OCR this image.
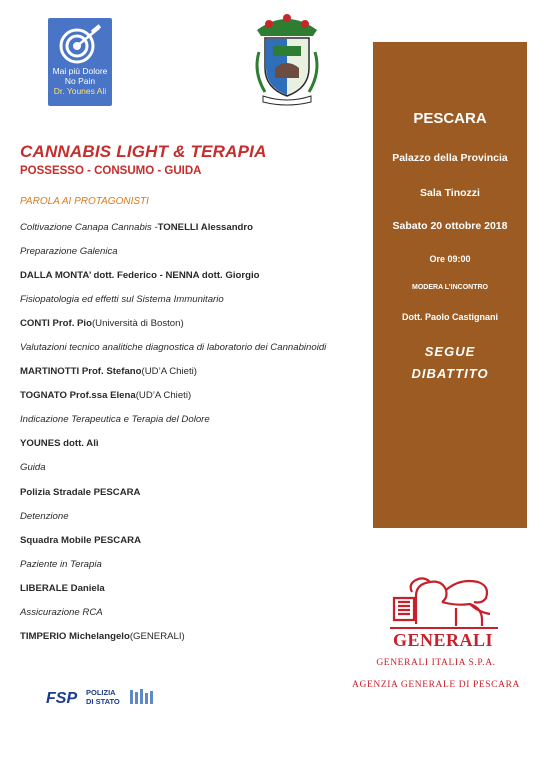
Mai più Dolore
No Pain
Dr. Younes Ali
CANNABIS LIGHT & TERAPIA
POSSESSO - CONSUMO - GUIDA
PAROLA AI PROTAGONISTI
Coltivazione Canapa Cannabis - TONELLI Alessandro
Preparazione Galenica
DALLA MONTA’ dott. Federico - NENNA dott. Giorgio
Fisiopatologia ed effetti sul Sistema Immunitario
CONTI Prof. Pio (Università di Boston)
Valutazioni tecnico analitiche diagnostica di laboratorio dei Cannabinoidi
MARTINOTTI Prof. Stefano (UD’A Chieti)
TOGNATO Prof.ssa Elena (UD’A Chieti)
Indicazione Terapeutica e Terapia del Dolore
YOUNES dott. Alì
Guida
Polizia Stradale PESCARA
Detenzione
Squadra Mobile PESCARA
Paziente in Terapia
LIBERALE Daniela
Assicurazione RCA
TIMPERIO Michelangelo (GENERALI)
PESCARA
Palazzo della Provincia
Sala Tinozzi
Sabato 20 ottobre 2018
Ore 09:00
MODERA L’INCONTRO
Dott. Paolo Castignani
SEGUE
DIBATTITO
GENERALI
GENERALI ITALIA S.P.A.
AGENZIA GENERALE DI PESCARA
FSP POLIZIA
DI STATO
